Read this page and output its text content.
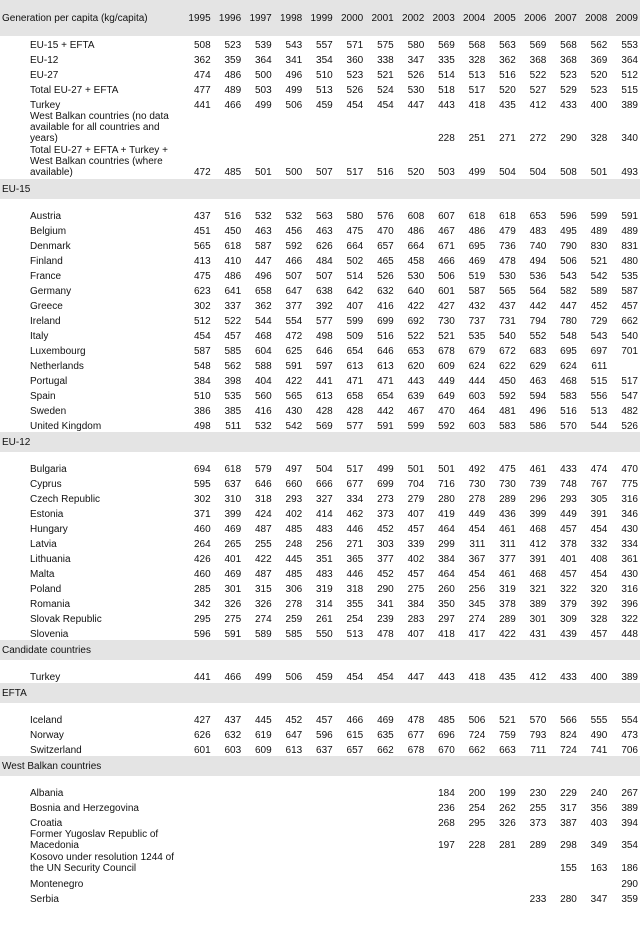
Generation per capita (kg/capita)	1995	1996	1997	1998	1999	2000	2001	2002	2003	2004	2005	2006	2007	2008	2009
EU-15 + EFTA	508	523	539	543	557	571	575	580	569	568	563	569	568	562	553
EU-12	362	359	364	341	354	360	338	347	335	328	362	368	368	369	364
EU-27	474	486	500	496	510	523	521	526	514	513	516	522	523	520	512
Total EU-27 + EFTA	477	489	503	499	513	526	524	530	518	517	520	527	529	523	515
Turkey	441	466	499	506	459	454	454	447	443	418	435	412	433	400	389
West Balkan countries (no data available for all countries and years)									228	251	271	272	290	328	340
Total EU-27 + EFTA + Turkey + West Balkan countries (where available)	472	485	501	500	507	517	516	520	503	499	504	504	508	501	493
EU-15															

Austria	437	516	532	532	563	580	576	608	607	618	618	653	596	599	591
Belgium	451	450	463	456	463	475	470	486	467	486	479	483	495	489	489
Denmark	565	618	587	592	626	664	657	664	671	695	736	740	790	830	831
Finland	413	410	447	466	484	502	465	458	466	469	478	494	506	521	480
France	475	486	496	507	507	514	526	530	506	519	530	536	543	542	535
Germany	623	641	658	647	638	642	632	640	601	587	565	564	582	589	587
Greece	302	337	362	377	392	407	416	422	427	432	437	442	447	452	457
Ireland	512	522	544	554	577	599	699	692	730	737	731	794	780	729	662
Italy	454	457	468	472	498	509	516	522	521	535	540	552	548	543	540
Luxembourg	587	585	604	625	646	654	646	653	678	679	672	683	695	697	701
Netherlands	548	562	588	591	597	613	613	620	609	624	622	629	624	611	
Portugal	384	398	404	422	441	471	471	443	449	444	450	463	468	515	517
Spain	510	535	560	565	613	658	654	639	649	603	592	594	583	556	547
Sweden	386	385	416	430	428	428	442	467	470	464	481	496	516	513	482
United Kingdom	498	511	532	542	569	577	591	599	592	603	583	586	570	544	526
EU-12															

Bulgaria	694	618	579	497	504	517	499	501	501	492	475	461	433	474	470
Cyprus	595	637	646	660	666	677	699	704	716	730	730	739	748	767	775
Czech Republic	302	310	318	293	327	334	273	279	280	278	289	296	293	305	316
Estonia	371	399	424	402	414	462	373	407	419	449	436	399	449	391	346
Hungary	460	469	487	485	483	446	452	457	464	454	461	468	457	454	430
Latvia	264	265	255	248	256	271	303	339	299	311	311	412	378	332	334
Lithuania	426	401	422	445	351	365	377	402	384	367	377	391	401	408	361
Malta	460	469	487	485	483	446	452	457	464	454	461	468	457	454	430
Poland	285	301	315	306	319	318	290	275	260	256	319	321	322	320	316
Romania	342	326	326	278	314	355	341	384	350	345	378	389	379	392	396
Slovak Republic	295	275	274	259	261	254	239	283	297	274	289	301	309	328	322
Slovenia	596	591	589	585	550	513	478	407	418	417	422	431	439	457	448
Candidate countries															

Turkey	441	466	499	506	459	454	454	447	443	418	435	412	433	400	389
EFTA															

Iceland	427	437	445	452	457	466	469	478	485	506	521	570	566	555	554
Norway	626	632	619	647	596	615	635	677	696	724	759	793	824	490	473
Switzerland	601	603	609	613	637	657	662	678	670	662	663	711	724	741	706
West Balkan countries															

Albania									184	200	199	230	229	240	267
Bosnia and Herzegovina									236	254	262	255	317	356	389
Croatia									268	295	326	373	387	403	394
Former Yugoslav Republic of Macedonia									197	228	281	289	298	349	354
Kosovo under resolution 1244 of the UN Security Council													155	163	186
Montenegro															290
Serbia												233	280	347	359
